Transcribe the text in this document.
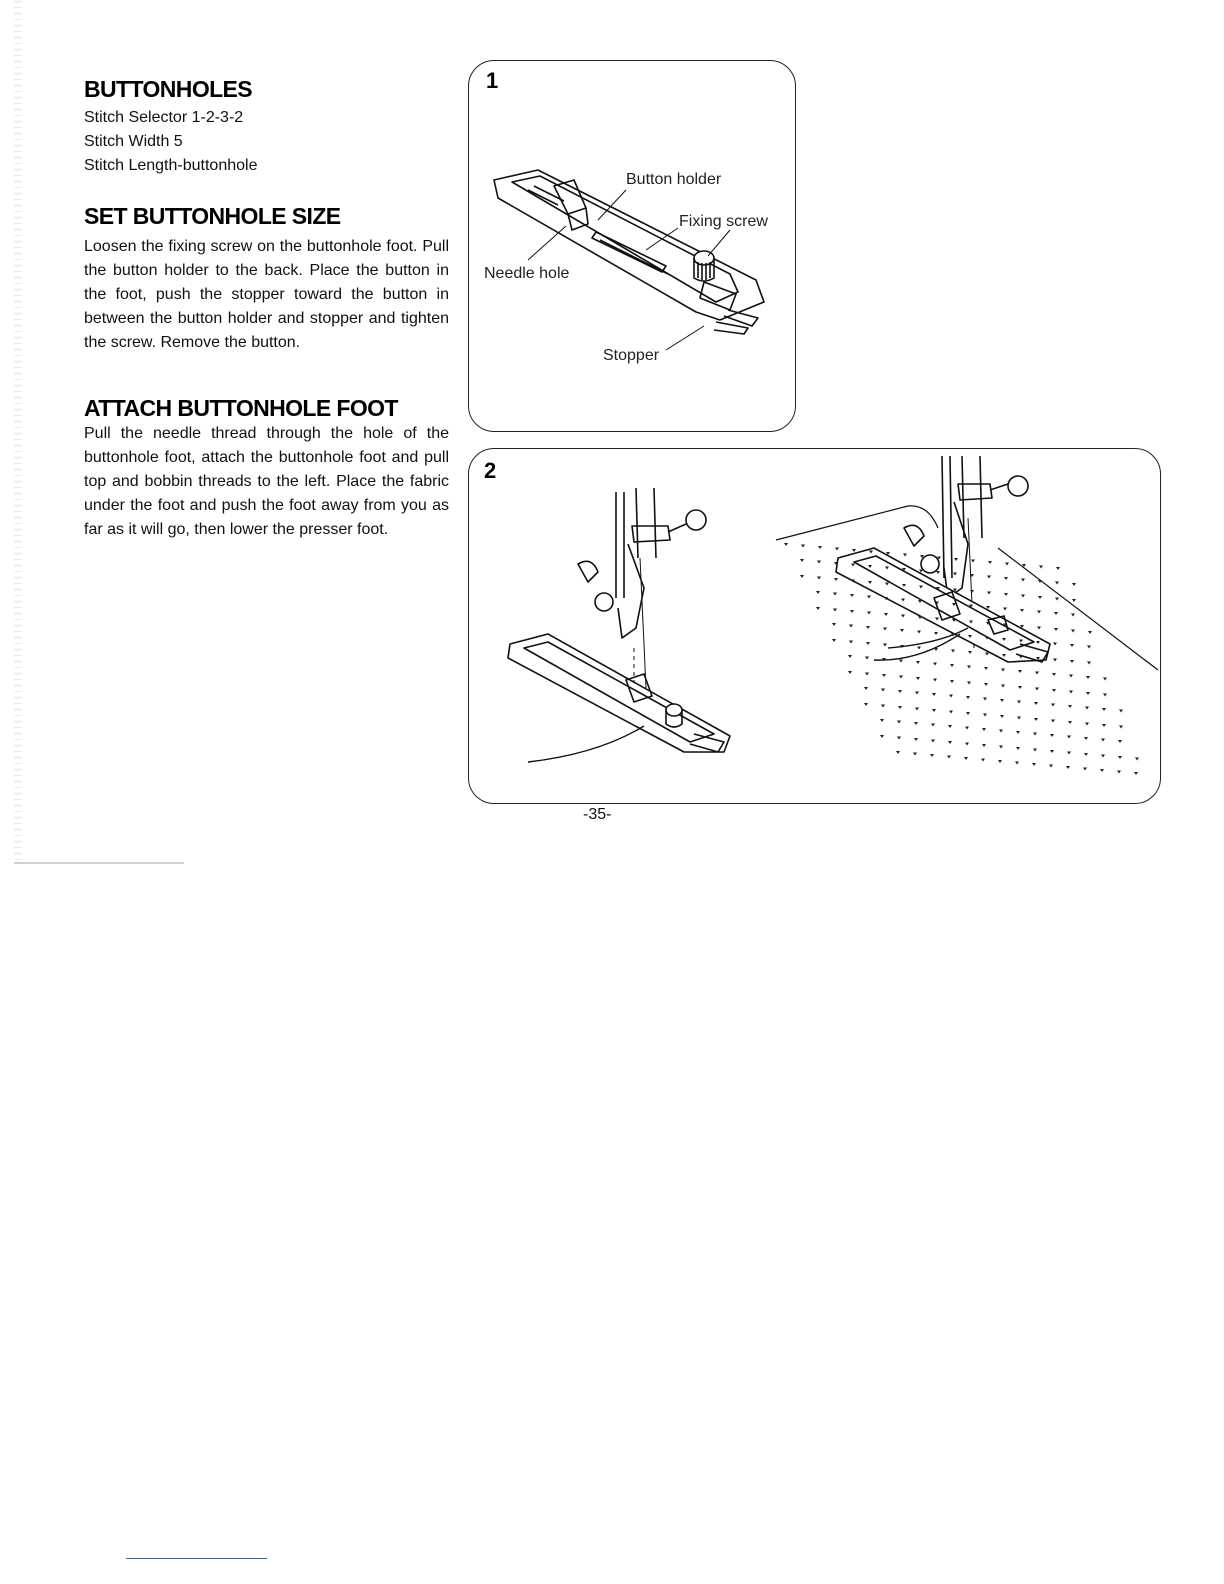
BUTTONHOLES
Stitch Selector 1-2-3-2
Stitch Width 5
Stitch Length-buttonhole
SET BUTTONHOLE SIZE

Loosen the fixing screw on the buttonhole foot. Pull the button holder to the back. Place the button in the foot, push the stopper toward the button in between the button holder and stopper and tighten the screw. Remove the button.

ATTACH BUTTONHOLE FOOT

Pull the needle thread through the hole of the buttonhole foot, attach the buttonhole foot and pull top and bobbin threads to the left. Place the fabric under the foot and push the foot away from you as far as it will go, then lower the presser foot.

1
Button holder
Fixing screw
Needle hole
Stopper
2
-35-
